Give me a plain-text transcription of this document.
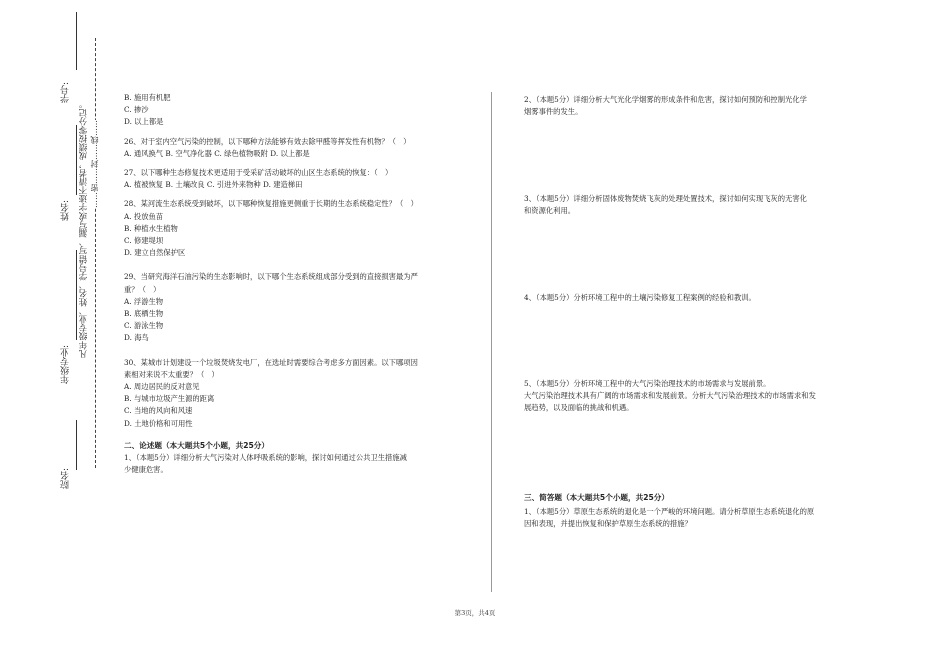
学号:
姓名:
年级专业:
院名:
凡年级专业、姓名、学号错写、漏写或字迹不清者，成绩按零分记。 ……密……封……线……

B. 施用有机肥

C. 掺沙

D. 以上都是

26、对于室内空气污染的控制，以下哪种方法能够有效去除甲醛等挥发性有机物？（　）

A. 通风换气 B. 空气净化器 C. 绿色植物吸附 D. 以上都是

27、以下哪种生态修复技术更适用于受采矿活动破坏的山区生态系统的恢复：（　）

A. 植被恢复 B. 土壤改良 C. 引进外来物种 D. 建造梯田

28、某河流生态系统受到破坏，以下哪种恢复措施更侧重于长期的生态系统稳定性？（　）

A. 投放鱼苗

B. 种植水生植物

C. 修建堤坝

D. 建立自然保护区

29、当研究海洋石油污染的生态影响时，以下哪个生态系统组成部分受到的直接损害最为严

重？（　）

A. 浮游生物

B. 底栖生物

C. 游泳生物

D. 海鸟

30、某城市计划建设一个垃圾焚烧发电厂，在选址时需要综合考虑多方面因素。以下哪项因

素相对来说不太重要？（　）

A. 周边居民的反对意见

B. 与城市垃圾产生源的距离

C. 当地的风向和风速

D. 土地价格和可用性

二、论述题（本大题共5个小题，共25分）

1、（本题5分）详细分析大气污染对人体呼吸系统的影响，探讨如何通过公共卫生措施减

少健康危害。

2、（本题5分）详细分析大气光化学烟雾的形成条件和危害，探讨如何预防和控制光化学

烟雾事件的发生。

3、（本题5分）详细分析固体废物焚烧飞灰的处理处置技术，探讨如何实现飞灰的无害化

和资源化利用。

4、（本题5分）分析环境工程中的土壤污染修复工程案例的经验和教训。

5、（本题5分）分析环境工程中的大气污染治理技术的市场需求与发展前景。

大气污染治理技术具有广阔的市场需求和发展前景。分析大气污染治理技术的市场需求和发

展趋势，以及面临的挑战和机遇。

三、简答题（本大题共5个小题，共25分）

1、（本题5分）草原生态系统的退化是一个严峻的环境问题。请分析草原生态系统退化的原

因和表现，并提出恢复和保护草原生态系统的措施？

第3页，共4页
